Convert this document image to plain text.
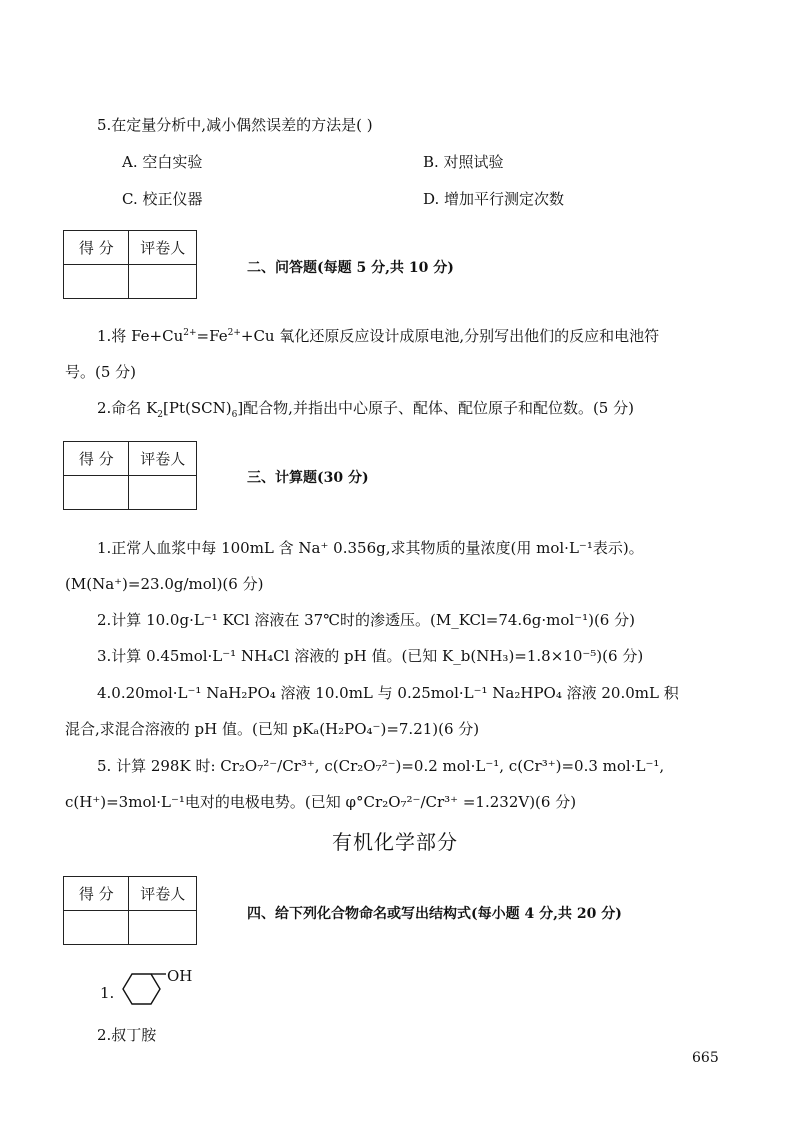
5.在定量分析中,减小偶然误差的方法是( )
A. 空白实验	B. 对照试验
C. 校正仪器	D. 增加平行测定次数
得 分	评卷人

二、问答题(每题 5 分,共 10 分)
1.将 $Fe+Cu^{2+}=Fe^{2+}+Cu$ 氧化还原反应设计成原电池,分别写出他们的反应和电池符
号。(5 分)
2.命名 $K_2[Pt(SCN)_6]$配合物,并指出中心原子、配体、配位原子和配位数。(5 分)
得 分	评卷人

三、计算题(30 分)
1.正常人血浆中每 100mL 含 Na⁺ 0.356g,求其物质的量浓度(用 mol·L⁻¹表示)。
(M(Na⁺)=23.0g/mol)(6 分)
2.计算 10.0g·L⁻¹ KCl 溶液在 37℃时的渗透压。(M_KCl=74.6g·mol⁻¹)(6 分)
3.计算 0.45mol·L⁻¹ NH₄Cl 溶液的 pH 值。(已知 K_b(NH₃)=1.8×10⁻⁵)(6 分)
4.0.20mol·L⁻¹ NaH₂PO₄ 溶液 10.0mL 与 0.25mol·L⁻¹ Na₂HPO₄ 溶液 20.0mL 积
混合,求混合溶液的 pH 值。(已知 pKₐ(H₂PO₄⁻)=7.21)(6 分)
5. 计算 298K 时: Cr₂O₇²⁻/Cr³⁺, c(Cr₂O₇²⁻)=0.2 mol·L⁻¹, c(Cr³⁺)=0.3 mol·L⁻¹,
c(H⁺)=3mol·L⁻¹电对的电极电势。(已知 φ°Cr₂O₇²⁻/Cr³⁺ =1.232V)(6 分)
有机化学部分
得 分	评卷人

四、给下列化合物命名或写出结构式(每小题 4 分,共 20 分)
1.
OH
2.叔丁胺
665
